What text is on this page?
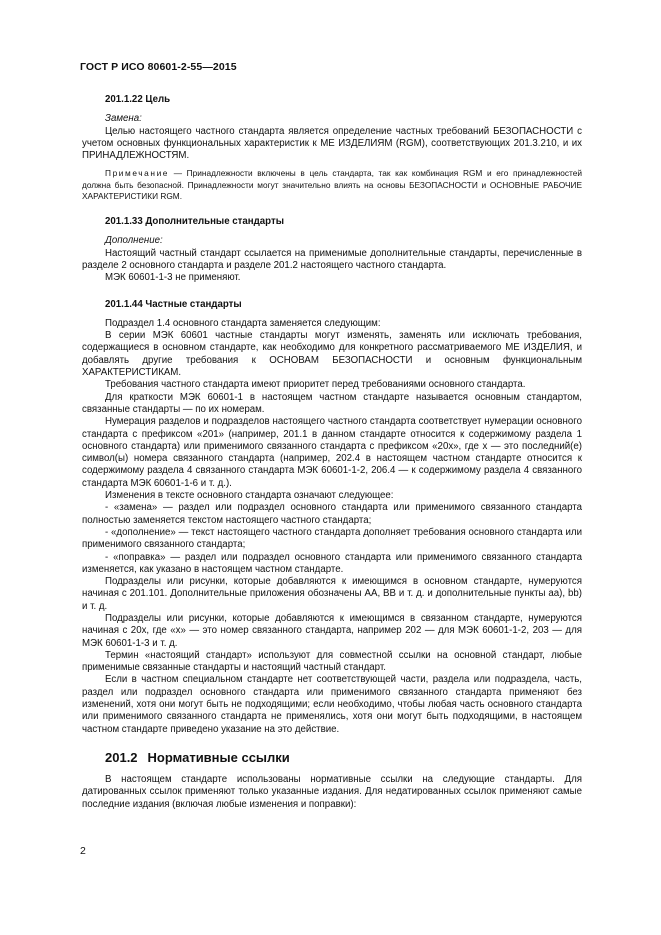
ГОСТ Р ИСО 80601-2-55—2015

201.1.22 Цель

Замена:

Целью настоящего частного стандарта является определение частных требований БЕЗОПАСНОСТИ с учетом основных функциональных характеристик к МЕ ИЗДЕЛИЯМ (RGM), соответствующих 201.3.210, и их ПРИНАДЛЕЖНОСТЯМ.

Примечание — Принадлежности включены в цель стандарта, так как комбинация RGM и его принадлежностей должна быть безопасной. Принадлежности могут значительно влиять на основы БЕЗОПАСНОСТИ и ОСНОВНЫЕ РАБОЧИЕ ХАРАКТЕРИСТИКИ RGM.

201.1.33 Дополнительные стандарты

Дополнение:

Настоящий частный стандарт ссылается на применимые дополнительные стандарты, перечисленные в разделе 2 основного стандарта и разделе 201.2 настоящего частного стандарта.

МЭК 60601-1-3 не применяют.

201.1.44 Частные стандарты

Подраздел 1.4 основного стандарта заменяется следующим:

В серии МЭК 60601 частные стандарты могут изменять, заменять или исключать требования, содержащиеся в основном стандарте, как необходимо для конкретного рассматриваемого МЕ ИЗДЕЛИЯ, и добавлять другие требования к ОСНОВАМ БЕЗОПАСНОСТИ и основным функциональным ХАРАКТЕРИСТИКАМ.

Требования частного стандарта имеют приоритет перед требованиями основного стандарта.

Для краткости МЭК 60601-1 в настоящем частном стандарте называется основным стандартом, связанные стандарты — по их номерам.

Нумерация разделов и подразделов настоящего частного стандарта соответствует нумерации основного стандарта с префиксом «201» (например, 201.1 в данном стандарте относится к содержимому раздела 1 основного стандарта) или применимого связанного стандарта с префиксом «20x», где x — это последний(е) символ(ы) номера связанного стандарта (например, 202.4 в настоящем частном стандарте относится к содержимому раздела 4 связанного стандарта МЭК 60601-1-2, 206.4 — к содержимому раздела 4 связанного стандарта МЭК 60601-1-6 и т. д.).

Изменения в тексте основного стандарта означают следующее:

- «замена» — раздел или подраздел основного стандарта или применимого связанного стандарта полностью заменяется текстом настоящего частного стандарта;

- «дополнение» — текст настоящего частного стандарта дополняет требования основного стандарта или применимого связанного стандарта;

- «поправка» — раздел или подраздел основного стандарта или применимого связанного стандарта изменяется, как указано в настоящем частном стандарте.

Подразделы или рисунки, которые добавляются к имеющимся в основном стандарте, нумеруются начиная с 201.101. Дополнительные приложения обозначены АА, ВВ и т. д. и дополнительные пункты аа), bb) и т. д.

Подразделы или рисунки, которые добавляются к имеющимся в связанном стандарте, нумеруются начиная с 20x, где «x» — это номер связанного стандарта, например 202 — для МЭК 60601-1-2, 203 — для МЭК 60601-1-3 и т. д.

Термин «настоящий стандарт» используют для совместной ссылки на основной стандарт, любые применимые связанные стандарты и настоящий частный стандарт.

Если в частном специальном стандарте нет соответствующей части, раздела или подраздела, часть, раздел или подраздел основного стандарта или применимого связанного стандарта применяют без изменений, хотя они могут быть не подходящими; если необходимо, чтобы любая часть основного стандарта или применимого связанного стандарта не применялись, хотя они могут быть подходящими, в настоящем частном стандарте приведено указание на это действие.

201.2 Нормативные ссылки

В настоящем стандарте использованы нормативные ссылки на следующие стандарты. Для датированных ссылок применяют только указанные издания. Для недатированных ссылок применяют самые последние издания (включая любые изменения и поправки):

2
